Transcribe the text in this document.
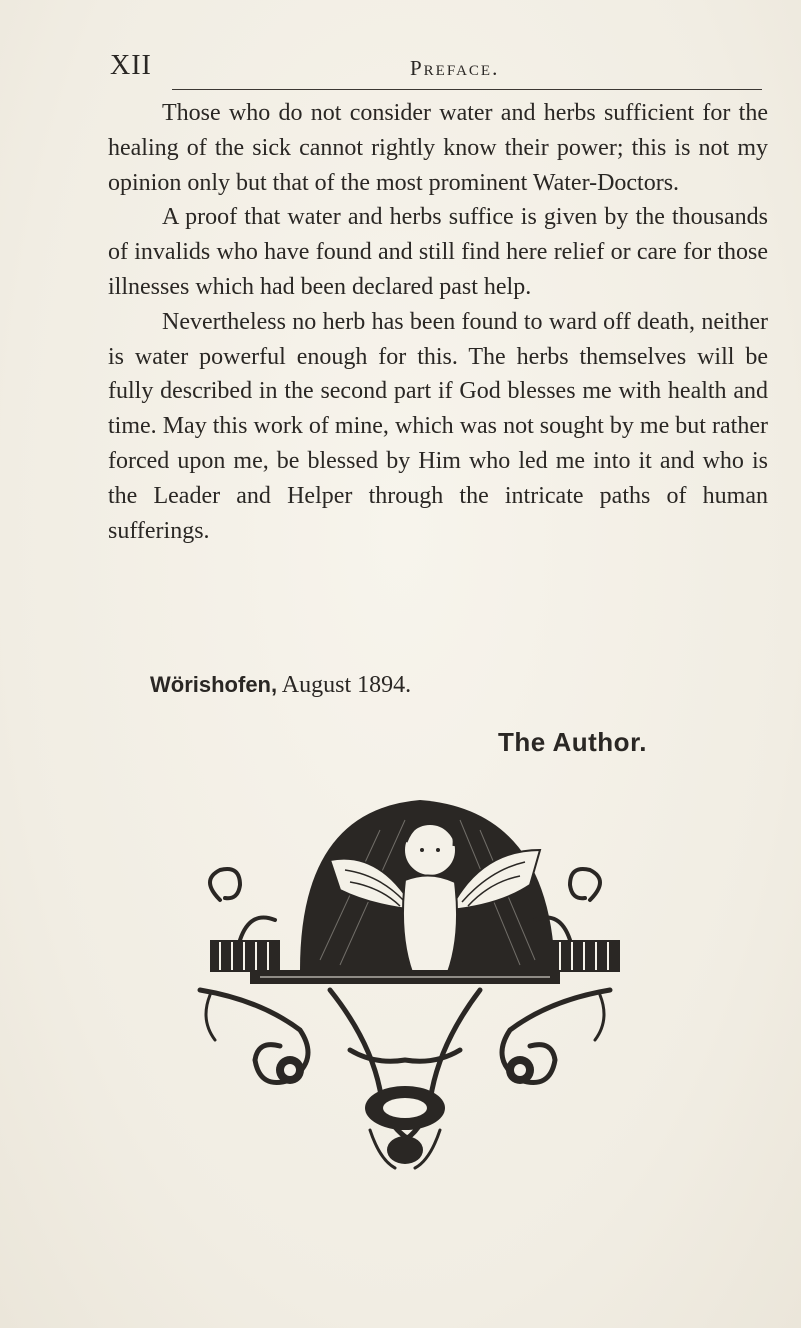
XII	Preface.

Those who do not consider water and herbs sufficient for the healing of the sick cannot rightly know their power; this is not my opinion only but that of the most prominent Water-Doctors.

A proof that water and herbs suffice is given by the thousands of invalids who have found and still find here relief or care for those illnesses which had been declared past help.

Nevertheless no herb has been found to ward off death, neither is water powerful enough for this. The herbs themselves will be fully described in the second part if God blesses me with health and time. May this work of mine, which was not sought by me but rather forced upon me, be blessed by Him who led me into it and who is the Leader and Helper through the intricate paths of human sufferings.

Wörishofen, August 1894.
The Author.
